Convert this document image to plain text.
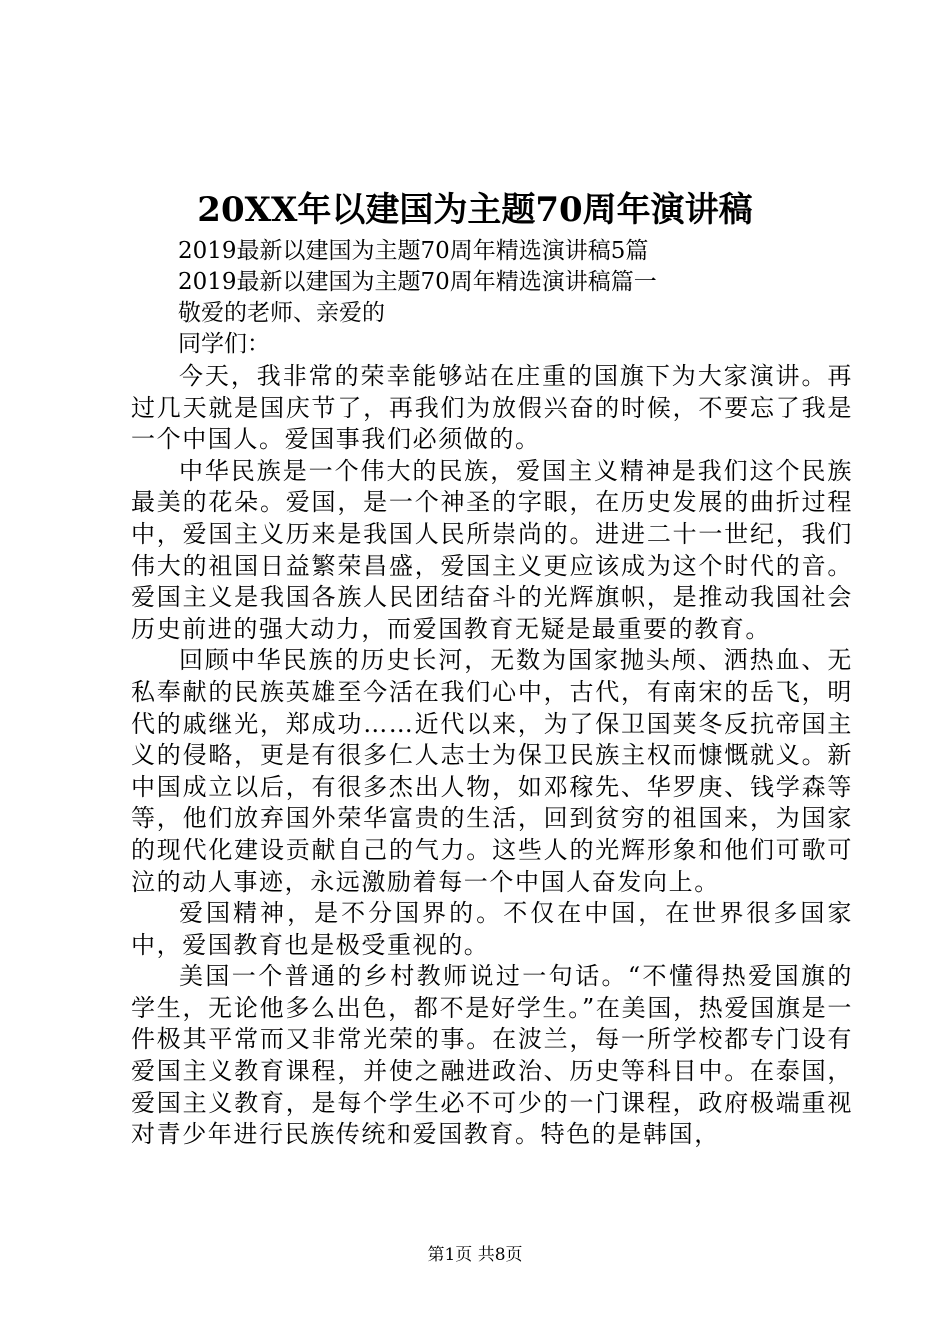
20XX年以建国为主题70周年演讲稿

2019最新以建国为主题70周年精选演讲稿5篇

2019最新以建国为主题70周年精选演讲稿篇一

敬爱的老师、亲爱的

同学们：

今天，我非常的荣幸能够站在庄重的国旗下为大家演讲。再过几天就是国庆节了，再我们为放假兴奋的时候，不要忘了我是一个中国人。爱国事我们必须做的。

中华民族是一个伟大的民族，爱国主义精神是我们这个民族最美的花朵。爱国，是一个神圣的字眼，在历史发展的曲折过程中，爱国主义历来是我国人民所崇尚的。进进二十一世纪，我们伟大的祖国日益繁荣昌盛，爱国主义更应该成为这个时代的音。爱国主义是我国各族人民团结奋斗的光辉旗帜，是推动我国社会历史前进的强大动力，而爱国教育无疑是最重要的教育。

回顾中华民族的历史长河，无数为国家抛头颅、洒热血、无私奉献的民族英雄至今活在我们心中，古代，有南宋的岳飞，明代的戚继光，郑成功……近代以来，为了保卫国荚冬反抗帝国主义的侵略，更是有很多仁人志士为保卫民族主权而慷慨就义。新中国成立以后，有很多杰出人物，如邓稼先、华罗庚、钱学森等等，他们放弃国外荣华富贵的生活，回到贫穷的祖国来，为国家的现代化建设贡献自己的气力。这些人的光辉形象和他们可歌可泣的动人事迹，永远激励着每一个中国人奋发向上。

爱国精神，是不分国界的。不仅在中国，在世界很多国家中，爱国教育也是极受重视的。

美国一个普通的乡村教师说过一句话。“不懂得热爱国旗的学生，无论他多么出色，都不是好学生。”在美国，热爱国旗是一件极其平常而又非常光荣的事。在波兰，每一所学校都专门设有爱国主义教育课程，并使之融进政治、历史等科目中。在泰国，爱国主义教育，是每个学生必不可少的一门课程，政府极端重视对青少年进行民族传统和爱国教育。特色的是韩国，

第1页 共8页
